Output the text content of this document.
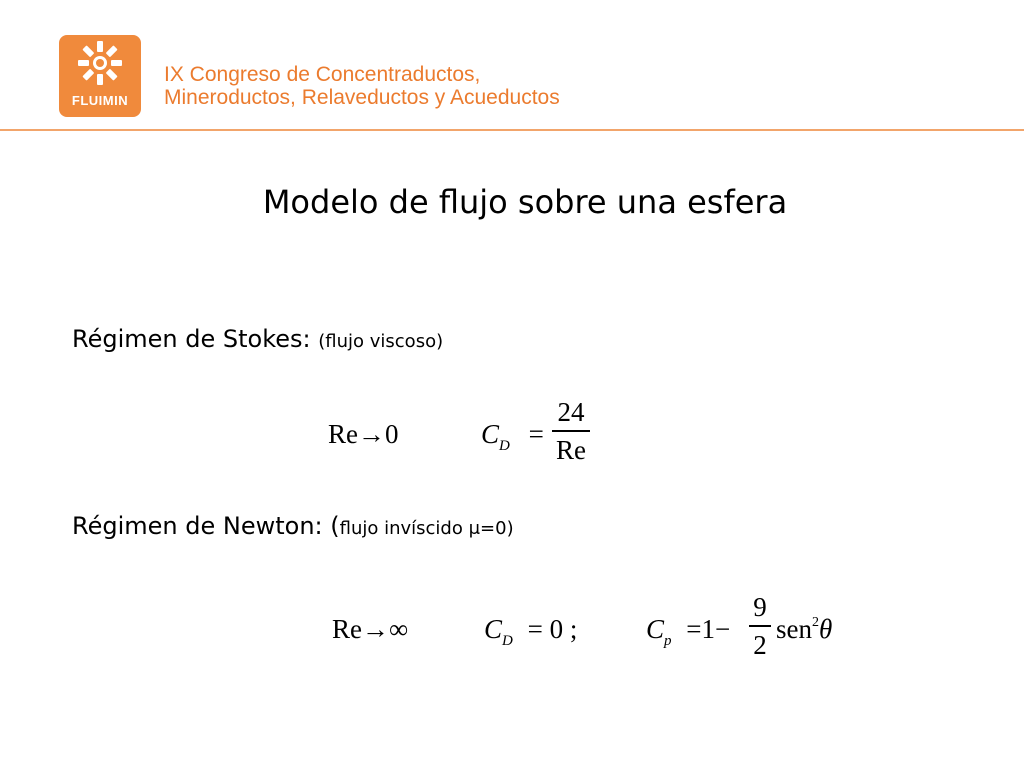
FLUIMIN
IX Congreso de Concentraductos,
Mineroductos, Relaveductos y Acueductos
Modelo de flujo sobre una esfera
Régimen de Stokes: (flujo viscoso)
Re→0	$C_D$ =
24
Re
Régimen de Newton: (flujo invíscido μ=0)
Re→∞	$C_D = 0$ ;	$C_p =1-$
9
2
sen$^2$θ
